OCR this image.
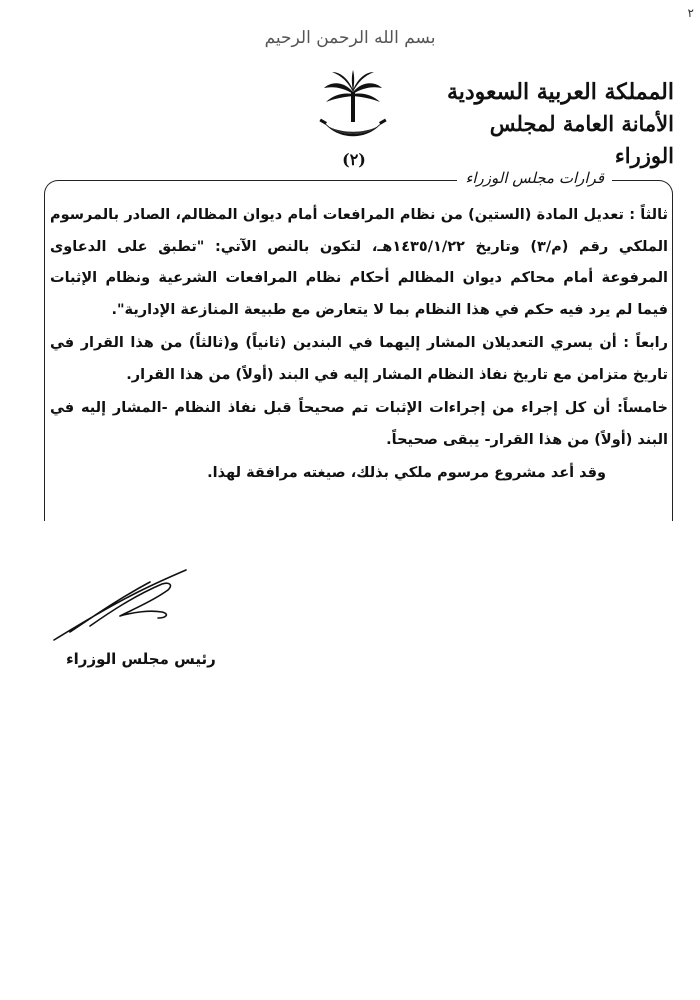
٢
بسم الله الرحمن الرحيم
(٢)
المملكة العربية السعودية
الأمانة العامة لمجلس الوزراء
قرارات مجلس الوزراء
ثالثاً : تعديل المادة (الستين) من نظام المرافعات أمام ديوان المظالم، الصادر بالمرسوم الملكي رقم (م/٣) وتاريخ ١٤٣٥/١/٢٢هـ، لتكون بالنص الآتي: "تطبق على الدعاوى المرفوعة أمام محاكم ديوان المظالم أحكام نظام المرافعات الشرعية ونظام الإثبات فيما لم يرد فيه حكم في هذا النظام بما لا يتعارض مع طبيعة المنازعة الإدارية".
رابعاً : أن يسري التعديلان المشار إليهما في البندين (ثانياً) و(ثالثاً) من هذا القرار في تاريخ متزامن مع تاريخ نفاذ النظام المشار إليه في البند (أولاً) من هذا القرار.
خامساً: أن كل إجراء من إجراءات الإثبات تم صحيحاً قبل نفاذ النظام -المشار إليه في البند (أولاً) من هذا القرار- يبقى صحيحاً.
وقد أعد مشروع مرسوم ملكي بذلك، صيغته مرافقة لهذا.
رئيس مجلس الوزراء
